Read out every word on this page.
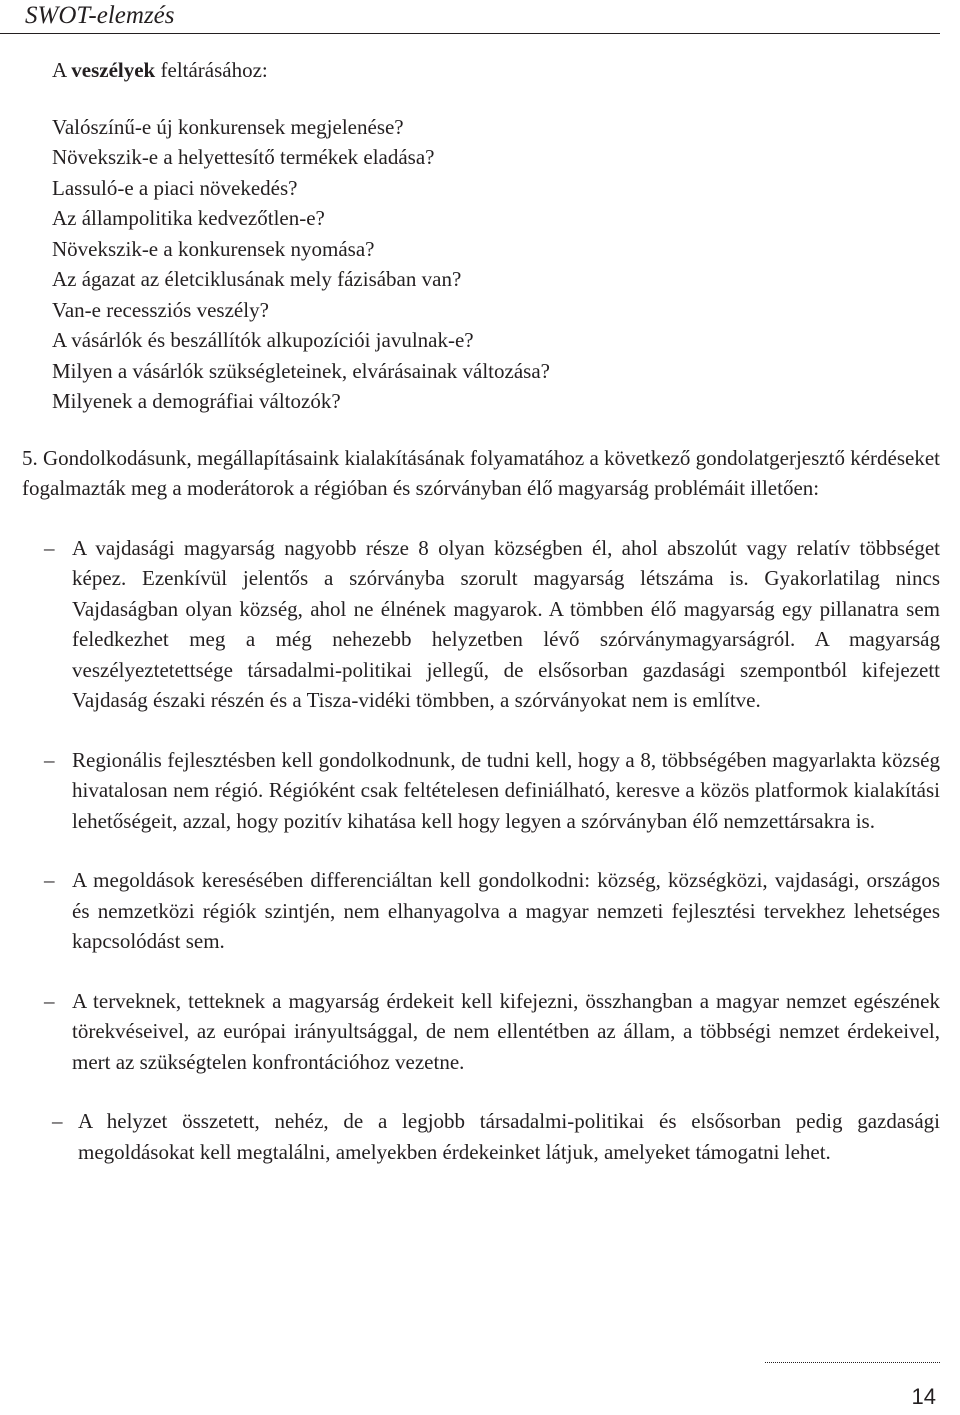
SWOT-elemzés

A veszélyek feltárásához:

Valószínű-e új konkurensek megjelenése?
Növekszik-e a helyettesítő termékek eladása?
Lassuló-e a piaci növekedés?
Az állampolitika kedvezőtlen-e?
Növekszik-e a konkurensek nyomása?
Az ágazat az életciklusának mely fázisában van?
Van-e recessziós veszély?
A vásárlók és beszállítók alkupozíciói javulnak-e?
Milyen a vásárlók szükségleteinek, elvárásainak változása?
Milyenek a demográfiai változók?

5. Gondolkodásunk, megállapításaink kialakításának folyamatához a következő gondolatgerjesztő kérdéseket fogalmazták meg a moderátorok a régióban és szórványban élő magyarság problémáit illetően:

– A vajdasági magyarság nagyobb része 8 olyan községben él, ahol abszolút vagy relatív többséget képez. Ezenkívül jelentős a szórványba szorult magyarság létszáma is. Gyakorlatilag nincs Vajdaságban olyan község, ahol ne élnének magyarok. A tömbben élő magyarság egy pillanatra sem feledkezhet meg a még nehezebb helyzetben lévő szórványmagyarságról. A magyarság veszélyeztetettsége társadalmi-politikai jellegű, de elsősorban gazdasági szempontból kifejezett Vajdaság északi részén és a Tisza-vidéki tömbben, a szórványokat nem is említve.
– Regionális fejlesztésben kell gondolkodnunk, de tudni kell, hogy a 8, többségében magyarlakta község hivatalosan nem régió. Régióként csak feltételesen definiálható, keresve a közös platformok kialakítási lehetőségeit, azzal, hogy pozitív kihatása kell hogy legyen a szórványban élő nemzettársakra is.
– A megoldások keresésében differenciáltan kell gondolkodni: község, községközi, vajdasági, országos és nemzetközi régiók szintjén, nem elhanyagolva a magyar nemzeti fejlesztési tervekhez lehetséges kapcsolódást sem.
– A terveknek, tetteknek a magyarság érdekeit kell kifejezni, összhangban a magyar nemzet egészének törekvéseivel, az európai irányultsággal, de nem ellentétben az állam, a többségi nemzet érdekeivel, mert az szükségtelen konfrontációhoz vezetne.
– A helyzet összetett, nehéz, de a legjobb társadalmi-politikai és elsősorban pedig gazdasági megoldásokat kell megtalálni, amelyekben érdekeinket látjuk, amelyeket támogatni lehet.
14
